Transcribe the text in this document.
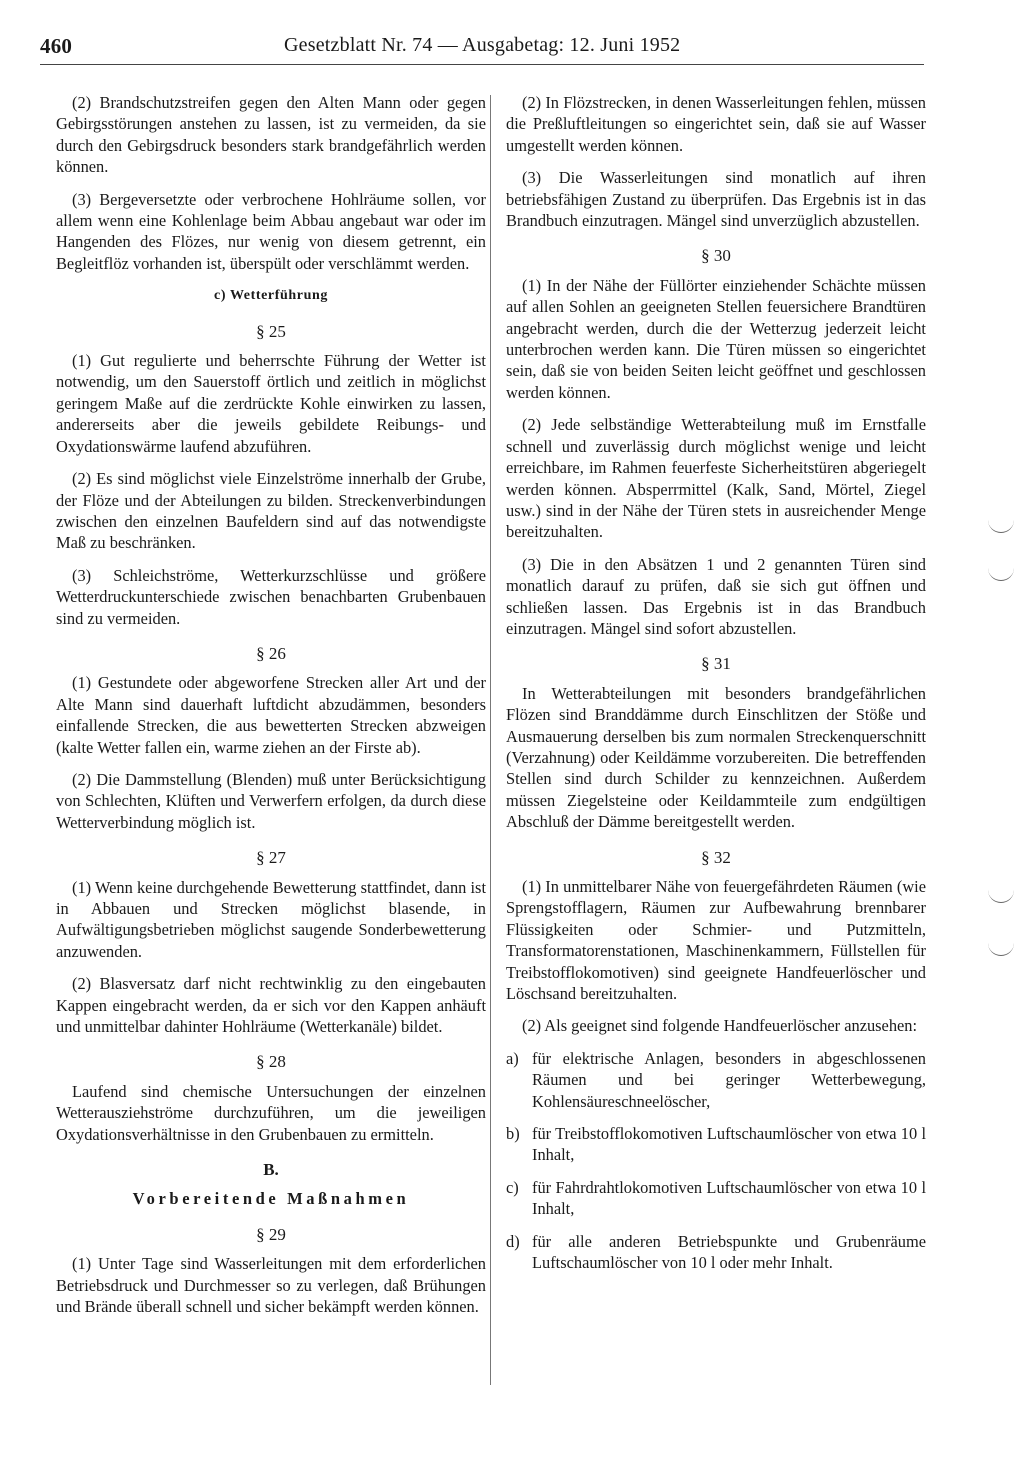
460	Gesetzblatt Nr. 74 — Ausgabetag: 12. Juni 1952

(2) Brandschutzstreifen gegen den Alten Mann oder gegen Gebirgsstörungen anstehen zu lassen, ist zu vermeiden, da sie durch den Gebirgsdruck besonders stark brandgefährlich werden können.

(3) Bergeversetzte oder verbrochene Hohlräume sollen, vor allem wenn eine Kohlenlage beim Abbau angebaut war oder im Hangenden des Flözes, nur wenig von diesem getrennt, ein Begleitflöz vorhanden ist, überspült oder verschlämmt werden.

c) Wetterführung
§ 25

(1) Gut regulierte und beherrschte Führung der Wetter ist notwendig, um den Sauerstoff örtlich und zeitlich in möglichst geringem Maße auf die zerdrückte Kohle einwirken zu lassen, andererseits aber die jeweils gebildete Reibungs- und Oxydationswärme laufend abzuführen.

(2) Es sind möglichst viele Einzelströme innerhalb der Grube, der Flöze und der Abteilungen zu bilden. Streckenverbindungen zwischen den einzelnen Baufeldern sind auf das notwendigste Maß zu beschränken.

(3) Schleichströme, Wetterkurzschlüsse und größere Wetterdruckunterschiede zwischen benachbarten Grubenbauen sind zu vermeiden.

§ 26

(1) Gestundete oder abgeworfene Strecken aller Art und der Alte Mann sind dauerhaft luftdicht abzudämmen, besonders einfallende Strecken, die aus bewetterten Strecken abzweigen (kalte Wetter fallen ein, warme ziehen an der Firste ab).

(2) Die Dammstellung (Blenden) muß unter Berücksichtigung von Schlechten, Klüften und Verwerfern erfolgen, da durch diese Wetterverbindung möglich ist.

§ 27

(1) Wenn keine durchgehende Bewetterung stattfindet, dann ist in Abbauen und Strecken möglichst blasende, in Aufwältigungsbetrieben möglichst saugende Sonderbewetterung anzuwenden.

(2) Blasversatz darf nicht rechtwinklig zu den eingebauten Kappen eingebracht werden, da er sich vor den Kappen anhäuft und unmittelbar dahinter Hohlräume (Wetterkanäle) bildet.

§ 28

Laufend sind chemische Untersuchungen der einzelnen Wetterausziehströme durchzuführen, um die jeweiligen Oxydationsverhältnisse in den Grubenbauen zu ermitteln.

B.
Vorbereitende Maßnahmen
§ 29

(1) Unter Tage sind Wasserleitungen mit dem erforderlichen Betriebsdruck und Durchmesser so zu verlegen, daß Brühungen und Brände überall schnell und sicher bekämpft werden können.

(2) In Flözstrecken, in denen Wasserleitungen fehlen, müssen die Preßluftleitungen so eingerichtet sein, daß sie auf Wasser umgestellt werden können.

(3) Die Wasserleitungen sind monatlich auf ihren betriebsfähigen Zustand zu überprüfen. Das Ergebnis ist in das Brandbuch einzutragen. Mängel sind unverzüglich abzustellen.

§ 30

(1) In der Nähe der Füllörter einziehender Schächte müssen auf allen Sohlen an geeigneten Stellen feuersichere Brandtüren angebracht werden, durch die der Wetterzug jederzeit leicht unterbrochen werden kann. Die Türen müssen so eingerichtet sein, daß sie von beiden Seiten leicht geöffnet und geschlossen werden können.

(2) Jede selbständige Wetterabteilung muß im Ernstfalle schnell und zuverlässig durch möglichst wenige und leicht erreichbare, im Rahmen feuerfeste Sicherheitstüren abgeriegelt werden können. Absperrmittel (Kalk, Sand, Mörtel, Ziegel usw.) sind in der Nähe der Türen stets in ausreichender Menge bereitzuhalten.

(3) Die in den Absätzen 1 und 2 genannten Türen sind monatlich darauf zu prüfen, daß sie sich gut öffnen und schließen lassen. Das Ergebnis ist in das Brandbuch einzutragen. Mängel sind sofort abzustellen.

§ 31

In Wetterabteilungen mit besonders brandgefährlichen Flözen sind Branddämme durch Einschlitzen der Stöße und Ausmauerung derselben bis zum normalen Streckenquerschnitt (Verzahnung) oder Keildämme vorzubereiten. Die betreffenden Stellen sind durch Schilder zu kennzeichnen. Außerdem müssen Ziegelsteine oder Keildammteile zum endgültigen Abschluß der Dämme bereitgestellt werden.

§ 32

(1) In unmittelbarer Nähe von feuergefährdeten Räumen (wie Sprengstofflagern, Räumen zur Aufbewahrung brennbarer Flüssigkeiten oder Schmier- und Putzmitteln, Transformatorenstationen, Maschinenkammern, Füllstellen für Treibstofflokomotiven) sind geeignete Handfeuerlöscher und Löschsand bereitzuhalten.

(2) Als geeignet sind folgende Handfeuerlöscher anzusehen:

a) für elektrische Anlagen, besonders in abgeschlossenen Räumen und bei geringer Wetterbewegung, Kohlensäureschneelöscher,
b) für Treibstofflokomotiven Luftschaumlöscher von etwa 10 l Inhalt,
c) für Fahrdrahtlokomotiven Luftschaumlöscher von etwa 10 l Inhalt,
d) für alle anderen Betriebspunkte und Grubenräume Luftschaumlöscher von 10 l oder mehr Inhalt.
